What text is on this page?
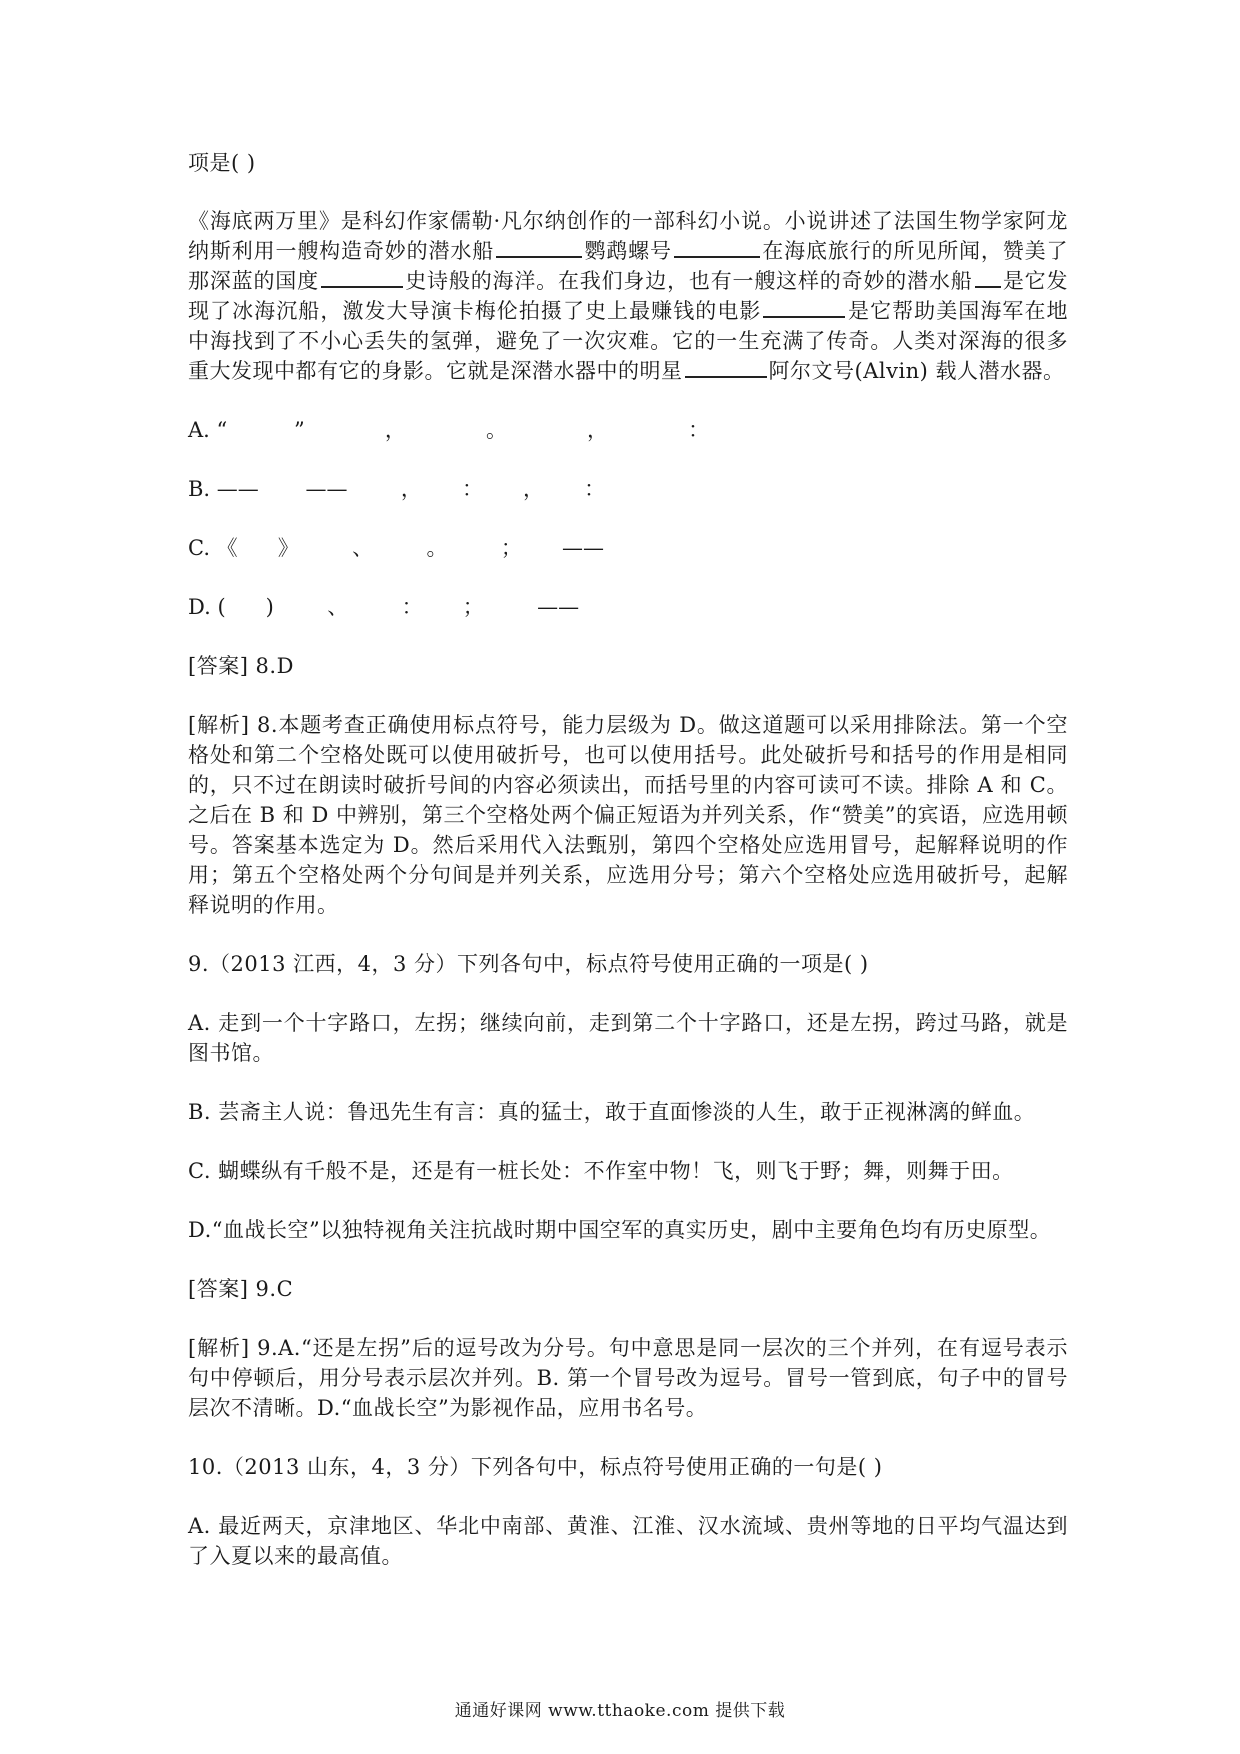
项是( )

《海底两万里》是科幻作家儒勒·凡尔纳创作的一部科幻小说。小说讲述了法国生物学家阿龙纳斯利用一艘构造奇妙的潜水船	鹦鹉螺号	在海底旅行的所见所闻，赞美了那深蓝的国度	史诗般的海洋。在我们身边，也有一艘这样的奇妙的潜水船 是它发现了冰海沉船，激发大导演卡梅伦拍摄了史上最赚钱的电影	是它帮助美国海军在地中海找到了不小心丢失的氢弹，避免了一次灾难。它的一生充满了传奇。人类对深海的很多重大发现中都有它的身影。它就是深潜水器中的明星	阿尔文号(Alvin) 载人潜水器。

A. “          ”            ，            。            ，            ：

B. ——       ——        ，      ：      ，      ：

C. 《      》        、        。        ；      ——

D. (      )        、        ：      ；        ——

[答案] 8.D

[解析] 8.本题考查正确使用标点符号，能力层级为 D。做这道题可以采用排除法。第一个空格处和第二个空格处既可以使用破折号，也可以使用括号。此处破折号和括号的作用是相同的，只不过在朗读时破折号间的内容必须读出，而括号里的内容可读可不读。排除 A 和 C。之后在 B 和 D 中辨别，第三个空格处两个偏正短语为并列关系，作“赞美”的宾语，应选用顿号。答案基本选定为 D。然后采用代入法甄别，第四个空格处应选用冒号，起解释说明的作用；第五个空格处两个分句间是并列关系，应选用分号；第六个空格处应选用破折号，起解释说明的作用。

9.（2013 江西，4，3 分）下列各句中，标点符号使用正确的一项是( )

A. 走到一个十字路口，左拐；继续向前，走到第二个十字路口，还是左拐，跨过马路，就是图书馆。

B. 芸斋主人说：鲁迅先生有言：真的猛士，敢于直面惨淡的人生，敢于正视淋漓的鲜血。

C. 蝴蝶纵有千般不是，还是有一桩长处：不作室中物！飞，则飞于野；舞，则舞于田。

D.“血战长空”以独特视角关注抗战时期中国空军的真实历史，剧中主要角色均有历史原型。

[答案] 9.C

[解析] 9.A.“还是左拐”后的逗号改为分号。句中意思是同一层次的三个并列，在有逗号表示句中停顿后，用分号表示层次并列。B. 第一个冒号改为逗号。冒号一管到底，句子中的冒号层次不清晰。D.“血战长空”为影视作品，应用书名号。

10.（2013 山东，4，3 分）下列各句中，标点符号使用正确的一句是( )

A. 最近两天，京津地区、华北中南部、黄淮、江淮、汉水流域、贵州等地的日平均气温达到了入夏以来的最高值。

通通好课网 www.tthaoke.com 提供下载
